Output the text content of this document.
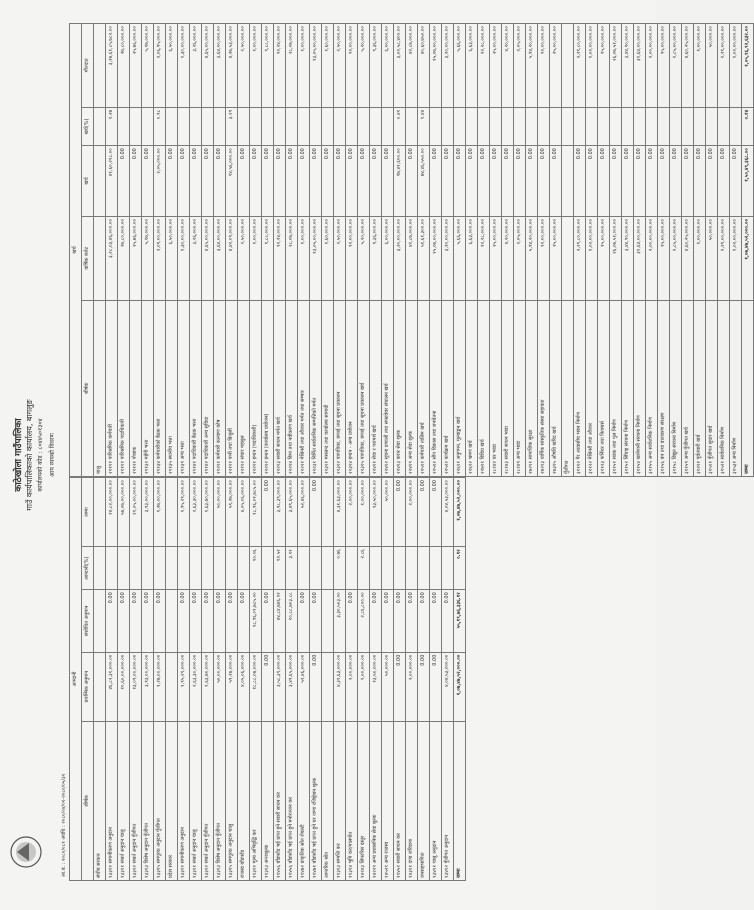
काठेखोला गाउँपालिका गाउँ कार्यपालिकाको कार्यालय, बागलुङ कार्यालयको कोड : ८०४४५०१३०४ आय व्ययको विवरण
आ.व. : २०८०/०८१ अवधि : २०८०/०४/०१-२०८०/०५/३१
आम्दानी				
शीर्षक	प्रारम्भिक अनुमान	संशोधित अनुमान	आम्दानी(%)	जम्मा
संघीय सरकार				
१३३११ समानीकरण अनुदान	४६,८२,३१,०००.००	0.00		२४,८२,००,०००.००
१३३११ सशर्त अनुदान चालु	१०,६०,००,०००.००	0.00		५७,०७,००,०००.००
१३३१२ सशर्त अनुदान पुँजीगत	१३,०९,००,०००.००	0.00		२१,०५,००,०००.००
१३३१३ विशेष अनुदान पुँजीगत	३,९३,००,०००.००	0.00		३,९३,००,०००.००
१३३१५ समपूरक अनुदान पुँजीगत	१,२७,००,०००.००	0.00		१,२७,००,०००.००
प्रदेश सरकार				
१३३११ समानीकरण अनुदान	१,९५,२९,०००.००	0.00		१,९५,२९,०००.००
१३३११ सशर्त अनुदान चालु	२,६३,३०,०००.००	0.00		२,६३,३०,०००.००
१३३१२ सशर्त अनुदान पुँजीगत	१,६३,७०,०००.००	0.00		१,६३,७०,०००.००
१३३१३ विशेष अनुदान पुँजीगत	५०,००,०००.००	0.00		५०,००,०००.००
१३३१५ समपूरक अनुदान चालु	५९,२७,०००.००	0.00		५९,२७,०००.००
राजस्व बाँडफाँड	४,०५,०६,०००.००	0.00		४,०५,०६,०००.००
११३११ मूल्य अभिवृद्धि कर	१८,८८,०७,०००.००	१८,९६,०१,७८५.००	१०.०६	१८,९६,०१,७८५.००
११३१३ अन्तःशुल्क	0.00	0.00		0.00
११४५६ बाँडफाँड भई प्राप्त हुने सवारी साधन कर	३,५८,३९,०००.००	४४,८४,७४६.१२	१२.५२	३,९८,३९,०००.००
११४५६ बाँडफाँड भई प्राप्त हुने मनोरञ्जन कर	३,४९,६५,०००.००	१०,८८,७०३.८८	३.११	३,४९,६५,०००.००
११४७२ प्राकृतिक स्रोत रोयल्टी	५२,४६,०००.००	0.00		५२,४६,०००.००
११४७१ बाँडफाँड भई प्राप्त हुने घर जग्गा रजिष्ट्रेशन शुल्क	0.00	0.00		0.00
आन्तरिक श्रोत				
११३१३ सम्पत्ति कर	४,३१,६३,०००.००	३,३०,५०३.००	०.७६	४,३१,६३,०००.००
११३१४ भूमि कर/मालपोत	२,००,०००.००	0.00		२,००,०००.००
१४२४३ सिफारिस दस्तुर	१,००,०००.००	२,८६,८००.००	२.८६	१,००,०००.००
१४२२९ अन्य प्रशासनिक सेवा शुल्क	१३,५०,०००.००	0.00		१३,५०,०००.००
१४५२९ अन्य राजस्व	५०,०००.००	0.00		५०,०००.००
११४५१ सवारी साधन कर	0.00	0.00		0.00
१४३११ दण्ड जरिवाना	२,००,०००.००	0.00		२,००,०००.००
जनसहभागिता	0.00	0.00		0.00
१३४११ चालु अनुदान	0.00	0.00		0.00
१३४१२ पुँजीगत अनुदान	४,०४,५३,०००.००	0.00		४,०४,५३,०००.००
जम्मा	१,०७,४७,५२,०००.००	५५,१९,७६,३३६.१२	०.१२	१,०७,४७,५२,०००.००
खर्च				
शीर्षक	वार्षिक बजेट	खर्च	खर्च(%)	मौज्दात
चालु				
२११११ पारिश्रमिक कर्मचारी	३,२८,०३,४६,०००.००	४१,६०,२१८.००	१.२७	३,२७,६१,८५,७८२.००
२११११ पारिश्रमिक पदाधिकारी	२७,८०,०००.००	0.00		२७,८०,०००.००
२११२१ पोशाक	२५,७६,०००.००	0.00		२५,७६,०००.००
२११३२ महँगी भत्ता	५,१७,०००.००	0.00		५,१७,०००.००
२११३४ कर्मचारीको बैठक भत्ता	२,०९,००,०००.००	२,०५,०००.००	०.९८	२,०६,९५,०००.००
२११३५ स्थानीय भत्ता	६,५०,०००.००	0.00		६,५०,०००.००
२११३९ अन्य भत्ता	१,३०,००,०००.००	0.00		१,३०,००,०००.००
२११४१ पदाधिकारी बैठक भत्ता	३,२६,०००.००	0.00		३,२६,०००.००
२११४२ पदाधिकारी अन्य सुविधा	४,६५,००,०००.००	0.00		४,६५,००,०००.००
२१२११ कर्मचारी कल्याण कोष	३,६४,००,०००.००	0.00		३,६४,००,०००.००
२२१११ पानी तथा बिजुली	४,४२,०९,०००.००	१४,५६,०००.००	३.२९	४,२७,५३,०००.००
२२११२ संचार महसुल	२,५०,०००.००	0.00		२,५०,०००.००
२२२११ इन्धन (पदाधिकारी)	१,००,०००.००	0.00		१,००,०००.००
२२२१२ इन्धन (कार्यालय प्रयोजन)	९,८८,०००.००	0.00		९,८८,०००.००
२२२१३ सवारी साधन मर्मत खर्च	१२,२४,०००.००	0.00		१२,२४,०००.००
२२२१४ बिमा तथा नवीकरण खर्च	२८,०७,०००.००	0.00		२८,०७,०००.००
२२२२१ मेशिनरी तथा औजार मर्मत तथा सम्भार	१,००,०००.००	0.00		१,००,०००.००
२२२३१ निर्मित सार्वजनिक सम्पत्तिको मर्मत	१३,०५,००,०००.००	0.00		१३,०५,००,०००.००
२२३११ मसलन्द तथा कार्यालय सामाग्री	१,६०,०००.००	0.00		१,६०,०००.००
२२३१२ पत्रपत्रिका, छपाई तथा सूचना प्रकाशन	२,५०,०००.००	0.00		२,५०,०००.००
२२३१४ इन्धन - अन्य प्रयोजन	१२,००,०००.००	0.00		१२,००,०००.००
२२३१५ पत्रपत्रिका, छपाई तथा सूचना प्रकाशन खर्च	५,२०,०००.००	0.00		५,२०,०००.००
२२४११ सेवा र परामर्श खर्च	९,३६,०००.००	0.00		९,३६,०००.००
२२४१२ सूचना प्रणाली तथा सफ्टवेयर संचालन खर्च	६,००,०००.००	0.00		६,००,०००.००
२२४१३ करार सेवा शुल्क	३,२०,००,०००.००	१७,४१,६००.००	०.४१	३,०२,५८,४००.००
२२४१९ अन्य सेवा शुल्क	४२,८७,०००.००	0.00		४२,८७,०००.००
२२५११ कर्मचारी तालिम खर्च	५१,६१,३००.००	७४,४६,५५०.००	१.४४	४०,६०,७५०.००
२२५१२ सीप विकास तथा जनचेतना	१५,०७,००,०००.००	0.00		१५,०७,००,०००.००
२२५२२ कार्यक्रम खर्च	३,१०,००,०००.००	0.00		३,१०,००,०००.००
२२६११ अनुगमन, मूल्याङ्कन खर्च	५,६६,०००.००	0.00		५,६६,०००.००
२२६१२ भ्रमण खर्च	६,६३,०००.००	0.00		६,६३,०००.००
२२७११ विविध खर्च	१२,२८,०००.००	0.00		१२,२८,०००.००
२८१४२ घर भाडा	२५,००,०००.००	0.00		२५,००,०००.००
२८१४३ सवारी साधन भाडा	४,२०,०००.००	0.00		४,२०,०००.००
२८१४९ अन्य भाडा	२,०५,०००.००	0.00		२,०५,०००.००
२७२११ सामाजिक सुरक्षा	५,९४,२०,०००.००	0.00		५,९४,२०,०००.००
२७२१३ धार्मिक सांस्कृतिक संस्था सहायता	१२,००,०००.००	0.00		१२,००,०००.००
२७३१५ औषधि खरिद खर्च	२५,००,०००.००	0.00		२५,००,०००.००
पुँजीगत				
३१११२ गैर आवासीय भवन निर्माण	२,२९,८०,०००.००	0.00		२,२९,८०,०००.००
३११२२ मेशिनरी तथा औजार	१,०२,००,०००.००	0.00		१,०२,००,०००.००
३११२३ फर्निचर तथा फिक्चर्स	१५,००,०००.००	0.00		१५,००,०००.००
३११५१ सडक तथा पुल निर्माण	२६,०७,५१,०००.००	0.00		२६,०७,५१,०००.००
३११५२ सिँचाइ संरचना निर्माण	३,४४,९०,०००.००	0.00		३,४४,९०,०००.००
३११५४ खानेपानी संरचना निर्माण	३१,६४,००,०००.००	0.00		३१,६४,००,०००.००
३११५५ अन्य सार्वजनिक निर्माण	२,००,००,०००.००	0.00		२,००,००,०००.००
३११५६ वन तथा वातावरण संरक्षण	१५,००,०००.००	0.00		१५,००,०००.००
३११५८ विद्युत संरचना निर्माण	१,८५,००,०००.००	0.00		१,८५,००,०००.००
३११५९ अन्य पुँजीगत खर्च	४,६०,२५,०००.००	0.00		४,६०,२५,०००.००
३१२११ पूर्वतयारी खर्च	१,००,०००.००	0.00		१,००,०००.००
३१५११ पुँजीगत सुधार खर्च	५०,०००.००	0.00		५०,०००.००
३१५२१ सार्वजनिक निर्माण	१,२९,००,०००.००	0.00		१,२९,००,०००.००
३१५३१ अन्य निर्माण	१,०२,००,०००.००	0.00		१,०२,००,०००.००
जम्मा	१,०७,४७,५२,०००.००	१,५०,४९,३६८.००	०.१४	१,०५,९६,९२,६३२.००
